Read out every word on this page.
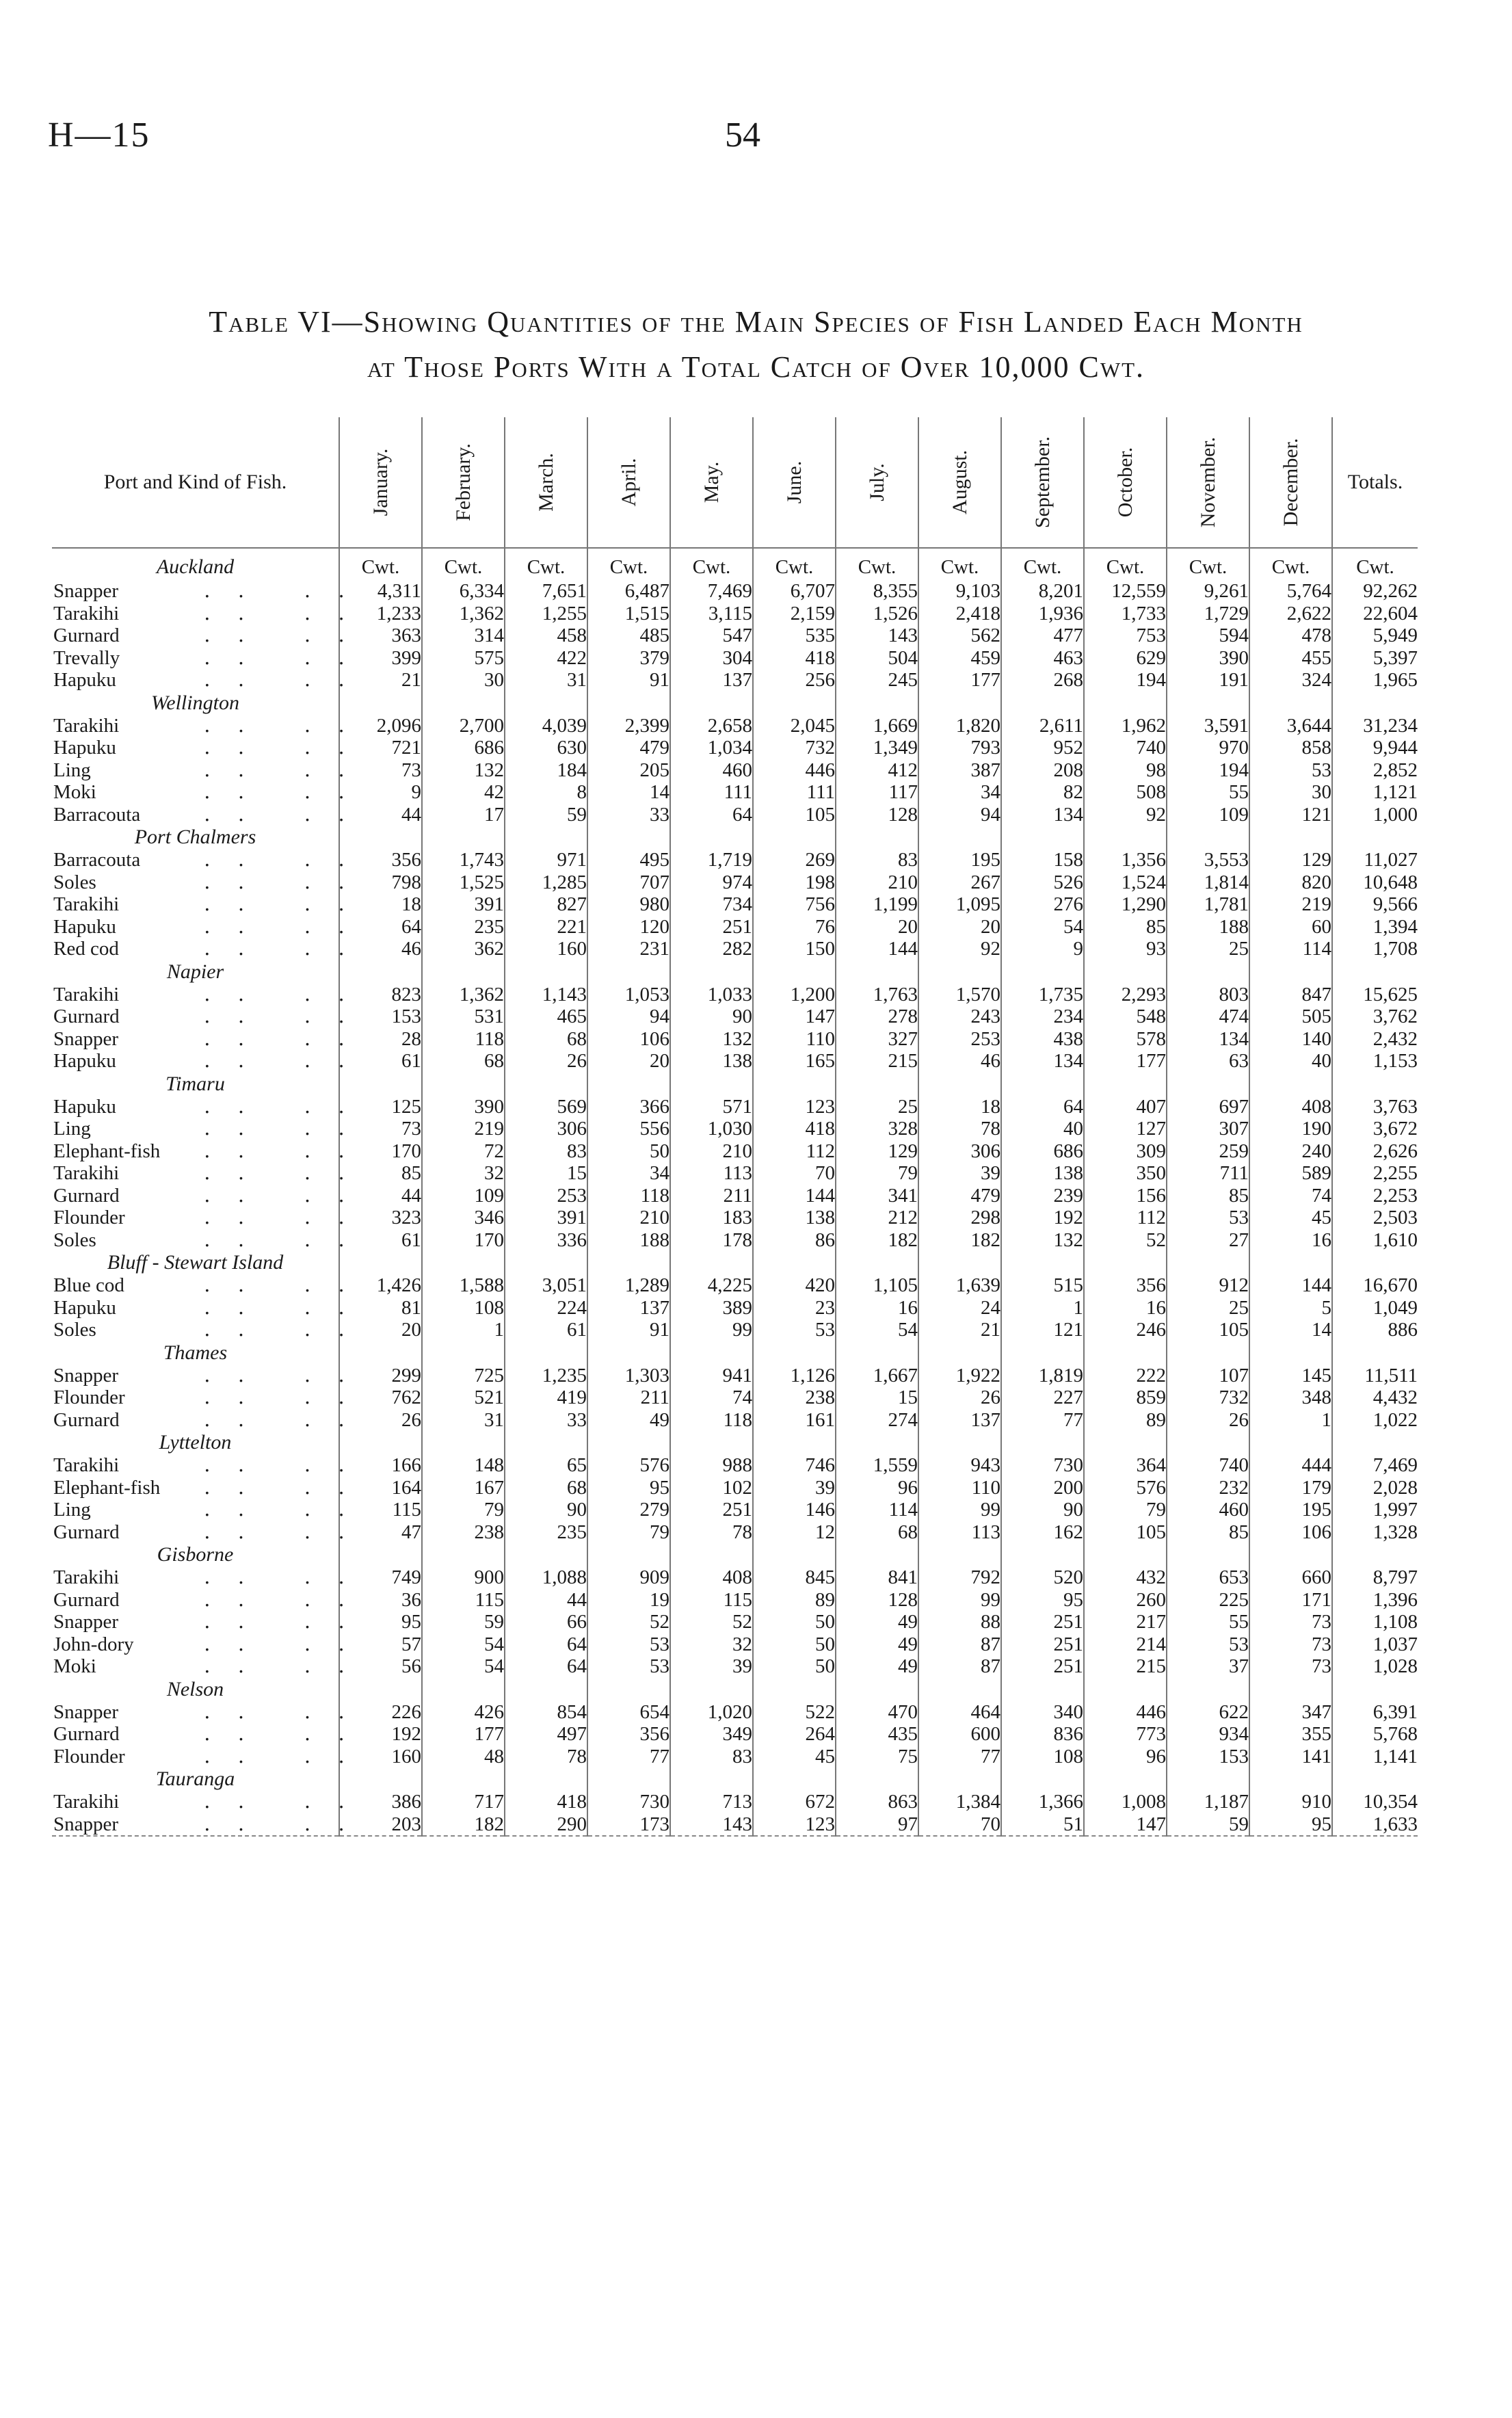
H—15	54
Table VI—Showing Quantities of the Main Species of Fish Landed Each Month
at Those Ports With a Total Catch of Over 10,000 Cwt.
Port and Kind of Fish.	January.	February.	March.	April.	May.	June.	July.	August.	September.	October.	November.	December.	Totals.
Auckland	Cwt.	Cwt.	Cwt.	Cwt.	Cwt.	Cwt.	Cwt.	Cwt.	Cwt.	Cwt.	Cwt.	Cwt.	Cwt.
Snapper ․․ ․․	4,311	6,334	7,651	6,487	7,469	6,707	8,355	9,103	8,201	12,559	9,261	5,764	92,262
Tarakihi ․․ ․․	1,233	1,362	1,255	1,515	3,115	2,159	1,526	2,418	1,936	1,733	1,729	2,622	22,604
Gurnard ․․ ․․	363	314	458	485	547	535	143	562	477	753	594	478	5,949
Trevally ․․ ․․	399	575	422	379	304	418	504	459	463	629	390	455	5,397
Hapuku ․․ ․․	21	30	31	91	137	256	245	177	268	194	191	324	1,965
Wellington													
Tarakihi ․․ ․․	2,096	2,700	4,039	2,399	2,658	2,045	1,669	1,820	2,611	1,962	3,591	3,644	31,234
Hapuku ․․ ․․	721	686	630	479	1,034	732	1,349	793	952	740	970	858	9,944
Ling ․․ ․․	73	132	184	205	460	446	412	387	208	98	194	53	2,852
Moki ․․ ․․	9	42	8	14	111	111	117	34	82	508	55	30	1,121
Barracouta ․․ ․․	44	17	59	33	64	105	128	94	134	92	109	121	1,000
Port Chalmers													
Barracouta ․․ ․․	356	1,743	971	495	1,719	269	83	195	158	1,356	3,553	129	11,027
Soles ․․ ․․	798	1,525	1,285	707	974	198	210	267	526	1,524	1,814	820	10,648
Tarakihi ․․ ․․	18	391	827	980	734	756	1,199	1,095	276	1,290	1,781	219	9,566
Hapuku ․․ ․․	64	235	221	120	251	76	20	20	54	85	188	60	1,394
Red cod ․․ ․․	46	362	160	231	282	150	144	92	9	93	25	114	1,708
Napier													
Tarakihi ․․ ․․	823	1,362	1,143	1,053	1,033	1,200	1,763	1,570	1,735	2,293	803	847	15,625
Gurnard ․․ ․․	153	531	465	94	90	147	278	243	234	548	474	505	3,762
Snapper ․․ ․․	28	118	68	106	132	110	327	253	438	578	134	140	2,432
Hapuku ․․ ․․	61	68	26	20	138	165	215	46	134	177	63	40	1,153
Timaru													
Hapuku ․․ ․․	125	390	569	366	571	123	25	18	64	407	697	408	3,763
Ling ․․ ․․	73	219	306	556	1,030	418	328	78	40	127	307	190	3,672
Elephant-fish ․․ ․․	170	72	83	50	210	112	129	306	686	309	259	240	2,626
Tarakihi ․․ ․․	85	32	15	34	113	70	79	39	138	350	711	589	2,255
Gurnard ․․ ․․	44	109	253	118	211	144	341	479	239	156	85	74	2,253
Flounder ․․ ․․	323	346	391	210	183	138	212	298	192	112	53	45	2,503
Soles ․․ ․․	61	170	336	188	178	86	182	182	132	52	27	16	1,610
Bluff - Stewart Island													
Blue cod ․․ ․․	1,426	1,588	3,051	1,289	4,225	420	1,105	1,639	515	356	912	144	16,670
Hapuku ․․ ․․	81	108	224	137	389	23	16	24	1	16	25	5	1,049
Soles ․․ ․․	20	1	61	91	99	53	54	21	121	246	105	14	886
Thames													
Snapper ․․ ․․	299	725	1,235	1,303	941	1,126	1,667	1,922	1,819	222	107	145	11,511
Flounder ․․ ․․	762	521	419	211	74	238	15	26	227	859	732	348	4,432
Gurnard ․․ ․․	26	31	33	49	118	161	274	137	77	89	26	1	1,022
Lyttelton													
Tarakihi ․․ ․․	166	148	65	576	988	746	1,559	943	730	364	740	444	7,469
Elephant-fish ․․ ․․	164	167	68	95	102	39	96	110	200	576	232	179	2,028
Ling ․․ ․․	115	79	90	279	251	146	114	99	90	79	460	195	1,997
Gurnard ․․ ․․	47	238	235	79	78	12	68	113	162	105	85	106	1,328
Gisborne													
Tarakihi ․․ ․․	749	900	1,088	909	408	845	841	792	520	432	653	660	8,797
Gurnard ․․ ․․	36	115	44	19	115	89	128	99	95	260	225	171	1,396
Snapper ․․ ․․	95	59	66	52	52	50	49	88	251	217	55	73	1,108
John-dory ․․ ․․	57	54	64	53	32	50	49	87	251	214	53	73	1,037
Moki ․․ ․․	56	54	64	53	39	50	49	87	251	215	37	73	1,028
Nelson													
Snapper ․․ ․․	226	426	854	654	1,020	522	470	464	340	446	622	347	6,391
Gurnard ․․ ․․	192	177	497	356	349	264	435	600	836	773	934	355	5,768
Flounder ․․ ․․	160	48	78	77	83	45	75	77	108	96	153	141	1,141
Tauranga													
Tarakihi ․․ ․․	386	717	418	730	713	672	863	1,384	1,366	1,008	1,187	910	10,354
Snapper ․․ ․․	203	182	290	173	143	123	97	70	51	147	59	95	1,633
